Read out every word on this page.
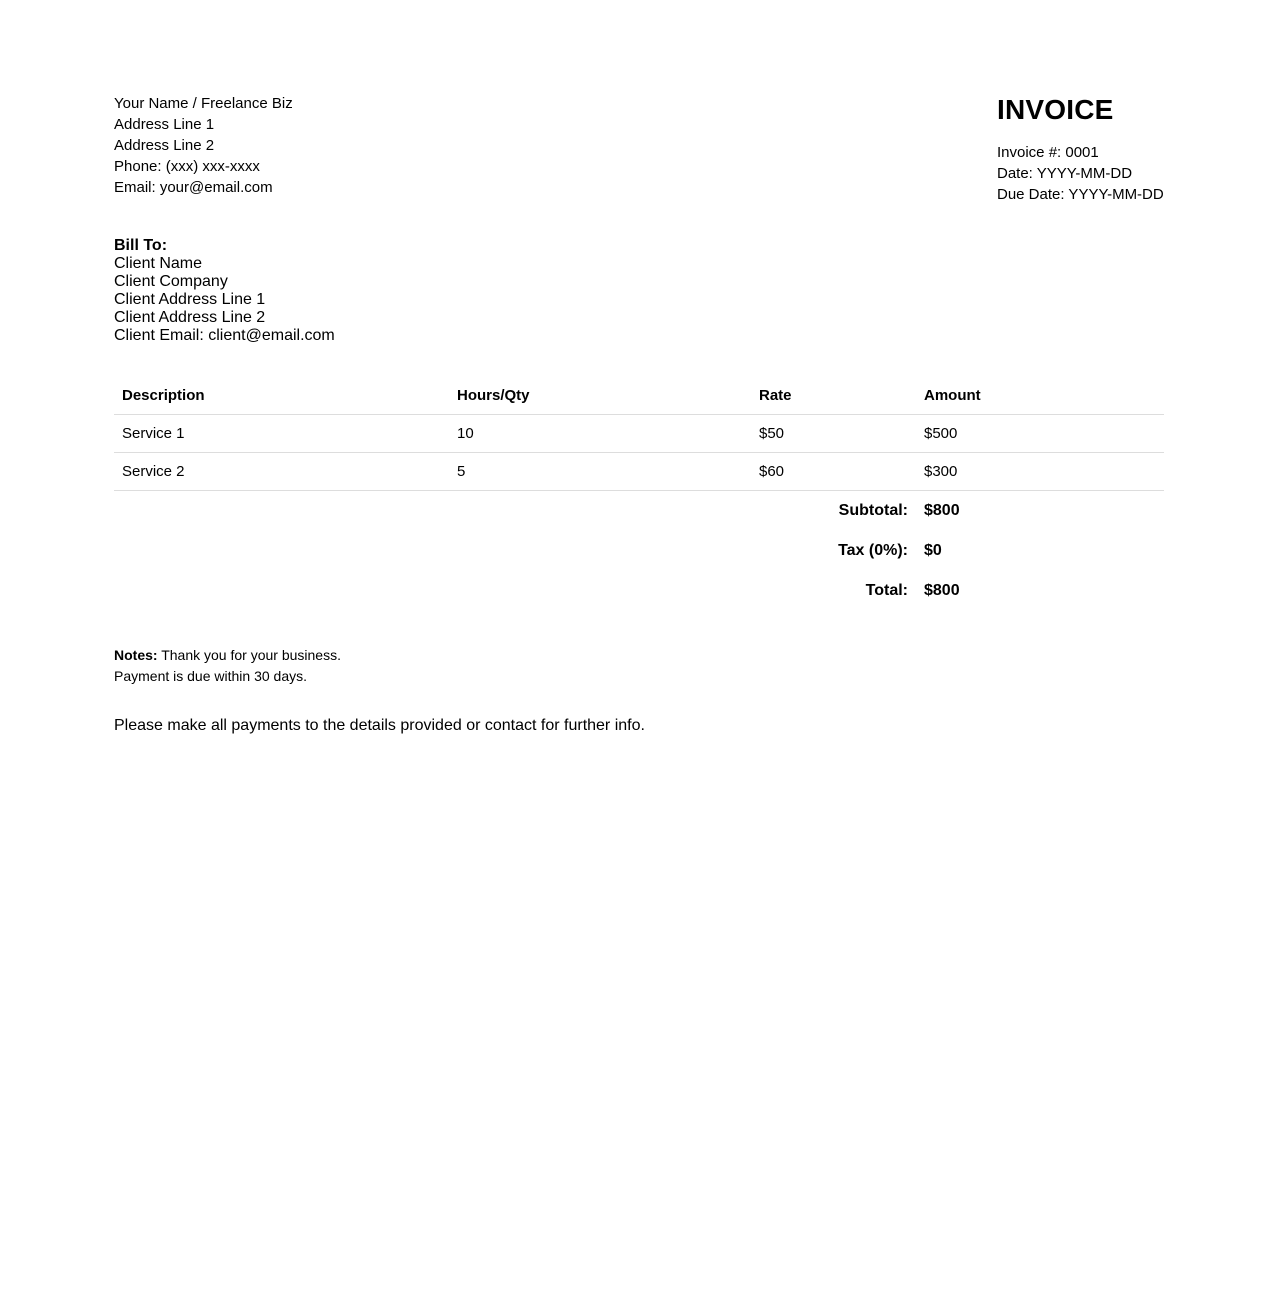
Your Name / Freelance Biz
Address Line 1
Address Line 2
Phone: (xxx) xxx-xxxx
Email: your@email.com
INVOICE
Invoice #: 0001
Date: YYYY-MM-DD
Due Date: YYYY-MM-DD
Bill To:
Client Name
Client Company
Client Address Line 1
Client Address Line 2
Client Email: client@email.com
Description	Hours/Qty	Rate	Amount
Service 1	10	$50	$500
Service 2	5	$60	$300
Subtotal:			$800
Tax (0%):			$0
Total:			$800
Notes: Thank you for your business.
Payment is due within 30 days.
Please make all payments to the details provided or contact for further info.
